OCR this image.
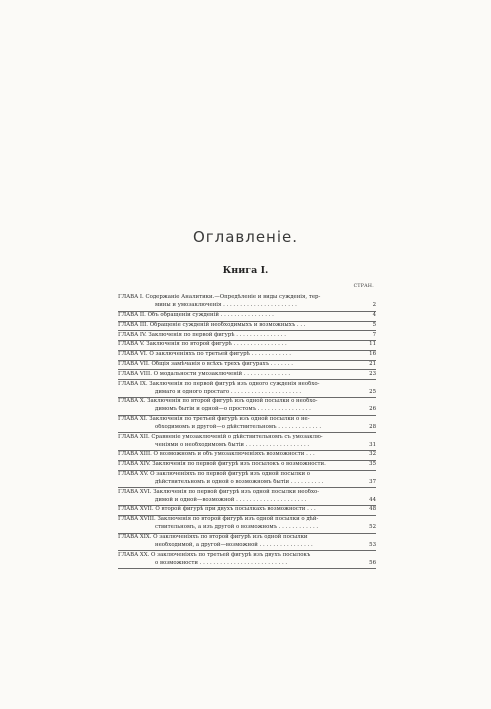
Оглавленіе.
Книга I.
СТРАН.
ГЛАВА I. Содержаніе Аналитики.—Опредѣленіе и виды сужденія, тер-
мины и умозаключенія . . . . . . . . . . . . . . . . . . . . . .	2
ГЛАВА II. Объ обращеніи сужденій . . . . . . . . . . . . . . . .	4
ГЛАВА III. Обращеніе сужденій необходимыхъ и возможныхъ . . .	5
ГЛАВА IV. Заключенія по первой фигурѣ . . . . . . . . . . . . . . .	7
ГЛАВА V. Заключенія по второй фигурѣ . . . . . . . . . . . . . . . .	11
ГЛАВА VI. О заключеніяхъ по третьей фигурѣ . . . . . . . . . . . .	16
ГЛАВА VII. Общія замѣчанія о всѣхъ трехъ фигурахъ . . . . . . .	21
ГЛАВА VIII. О модальности умозаключеній . . . . . . . . . . . . . .	23
ГЛАВА IX. Заключенія по первой фигурѣ изъ одного сужденія необхо-
димаго и одного простаго . . . . . . . . . . . . . . . . . . . . .	25
ГЛАВА X. Заключенія по второй фигурѣ изъ одной посылки о необхо-
димомъ бытіи и одной—о простомъ . . . . . . . . . . . . . . . .	26
ГЛАВА XI. Заключенія по третьей фигурѣ изъ одной посылки о не-
обходимомъ и другой—о дѣйствительномъ . . . . . . . . . . . . .	28
ГЛАВА XII. Сравненіе умозаключеній о дѣйствительномъ съ умозаклю-
ченіями о необходимомъ бытіи . . . . . . . . . . . . . . . . . . .	31
ГЛАВА XIII. О возможномъ и объ умозаключеніяхъ возможности . . .	32
ГЛАВА XIV. Заключенія по первой фигурѣ изъ посылокъ о возможности.	35
ГЛАВА XV. О заключеніяхъ по первой фигурѣ изъ одной посылки о
дѣйствительномъ и одной о возможномъ бытіи . . . . . . . . . .	37
ГЛАВА XVI. Заключенія по первой фигурѣ изъ одной посылки необхо-
димой и одной—возможной . . . . . . . . . . . . . . . . . . . . .	44
ГЛАВА XVII. О второй фигурѣ при двухъ посылкахъ возможности . . .	48
ГЛАВА XVIII. Заключенія по второй фигурѣ изъ одной посылки о дѣй-
ствительномъ, а изъ другой о возможномъ . . . . . . . . . . . .	52
ГЛАВА XIX. О заключеніяхъ по второй фигурѣ изъ одной посылки
необходимой, а другой—возможной . . . . . . . . . . . . . . . .	53
ГЛАВА XX. О заключеніяхъ по третьей фигурѣ изъ двухъ посылокъ
о возможности . . . . . . . . . . . . . . . . . . . . . . . . . .	56
